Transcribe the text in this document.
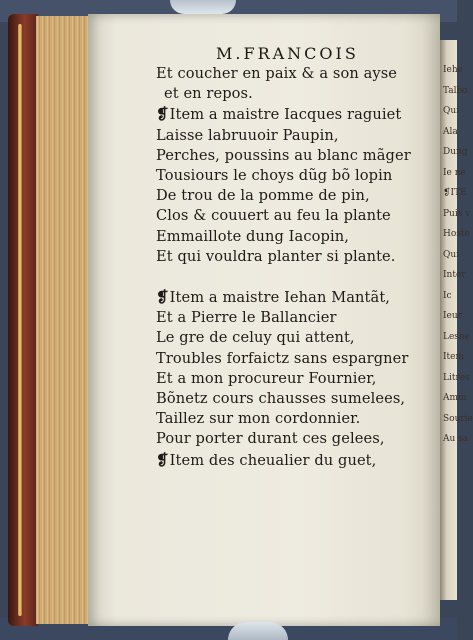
Iehe
Talbo
Qui
Ala
Dung
Ie ne
❡ITE
Puis v
Hoste
Qui
Inter
Ic
Ieur
Lesne
Item
Litres
Amm
Sourie
Au sa
M.FRANCOIS
Et coucher en paix & a son ayse
et en repos.
❡Item a maistre Iacques raguiet
Laisse labruuoir Paupin,
Perches, poussins au blanc mãger
Tousiours le choys dũg bõ lopin
De trou de la pomme de pin,
Clos & couuert au feu la plante
Emmaillote dung Iacopin,
Et qui vouldra planter si plante.
❡Item a maistre Iehan Mantãt,
Et a Pierre le Ballancier
Le gre de celuy qui attent,
Troubles forfaictz sans espargner
Et a mon procureur Fournier,
Bõnetz cours chausses sumelees,
Taillez sur mon cordonnier.
Pour porter durant ces gelees,
❡Item des cheualier du guet,
